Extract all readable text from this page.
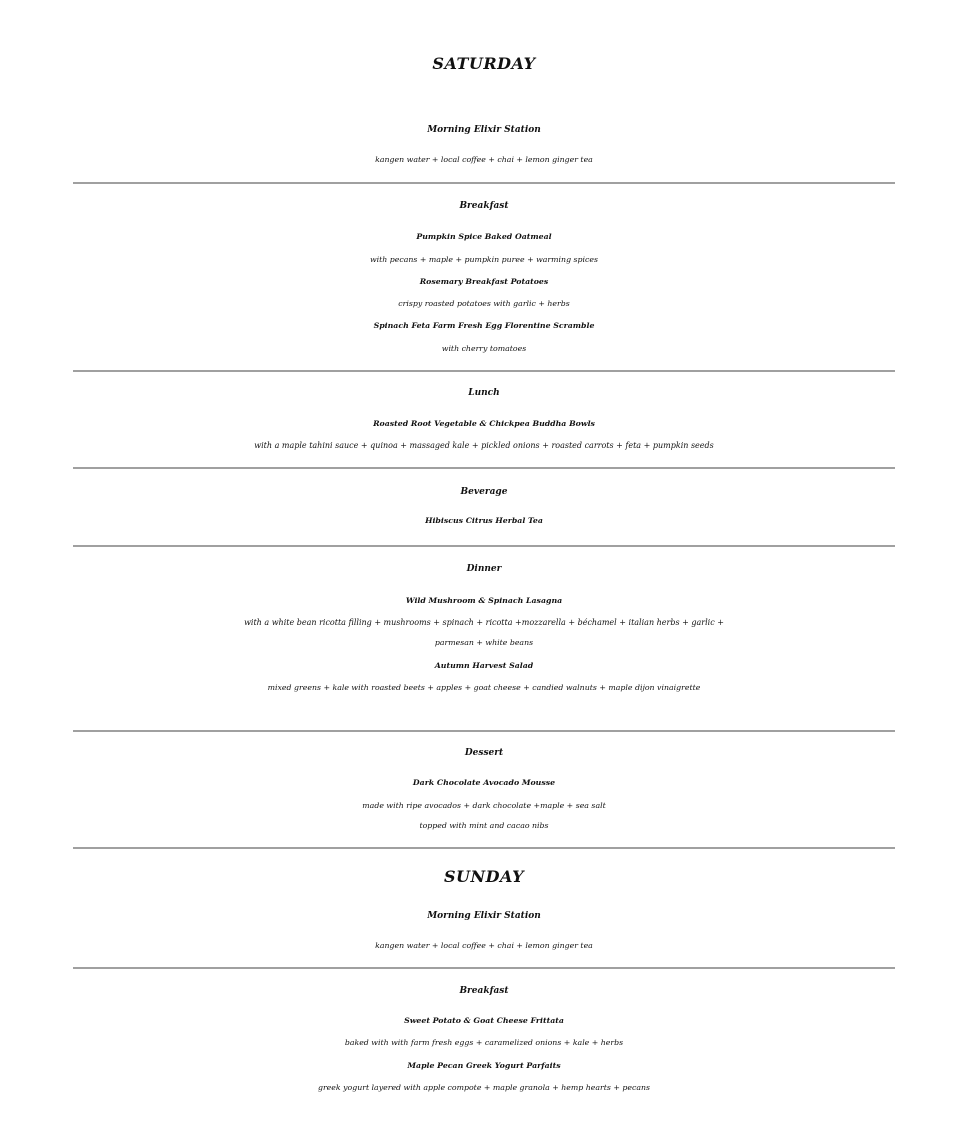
SATURDAY
Morning Elixir Station
kangen water + local coffee + chai + lemon ginger tea
Breakfast
Pumpkin Spice Baked Oatmeal
with pecans + maple + pumpkin puree + warming spices
Rosemary Breakfast Potatoes
crispy roasted potatoes with garlic + herbs
Spinach Feta Farm Fresh Egg Florentine Scramble
with cherry tomatoes
Lunch
Roasted Root Vegetable & Chickpea Buddha Bowls
with a maple tahini sauce + quinoa + massaged kale + pickled onions + roasted carrots + feta + pumpkin seeds
Beverage
Hibiscus Citrus Herbal Tea
Dinner
Wild Mushroom & Spinach Lasagna
with a white bean ricotta filling + mushrooms + spinach + ricotta +mozzarella + béchamel + italian herbs + garlic +
parmesan + white beans
Autumn Harvest Salad
mixed greens + kale with roasted beets + apples + goat cheese + candied walnuts + maple dijon vinaigrette
Dessert
Dark Chocolate Avocado Mousse
made with ripe avocados + dark chocolate +maple + sea salt
topped with mint and cacao nibs
SUNDAY
Morning Elixir Station
kangen water + local coffee + chai + lemon ginger tea
Breakfast
Sweet Potato & Goat Cheese Frittata
baked with with farm fresh eggs + caramelized onions + kale + herbs
Maple Pecan Greek Yogurt Parfaits
greek yogurt layered with apple compote + maple granola + hemp hearts + pecans
